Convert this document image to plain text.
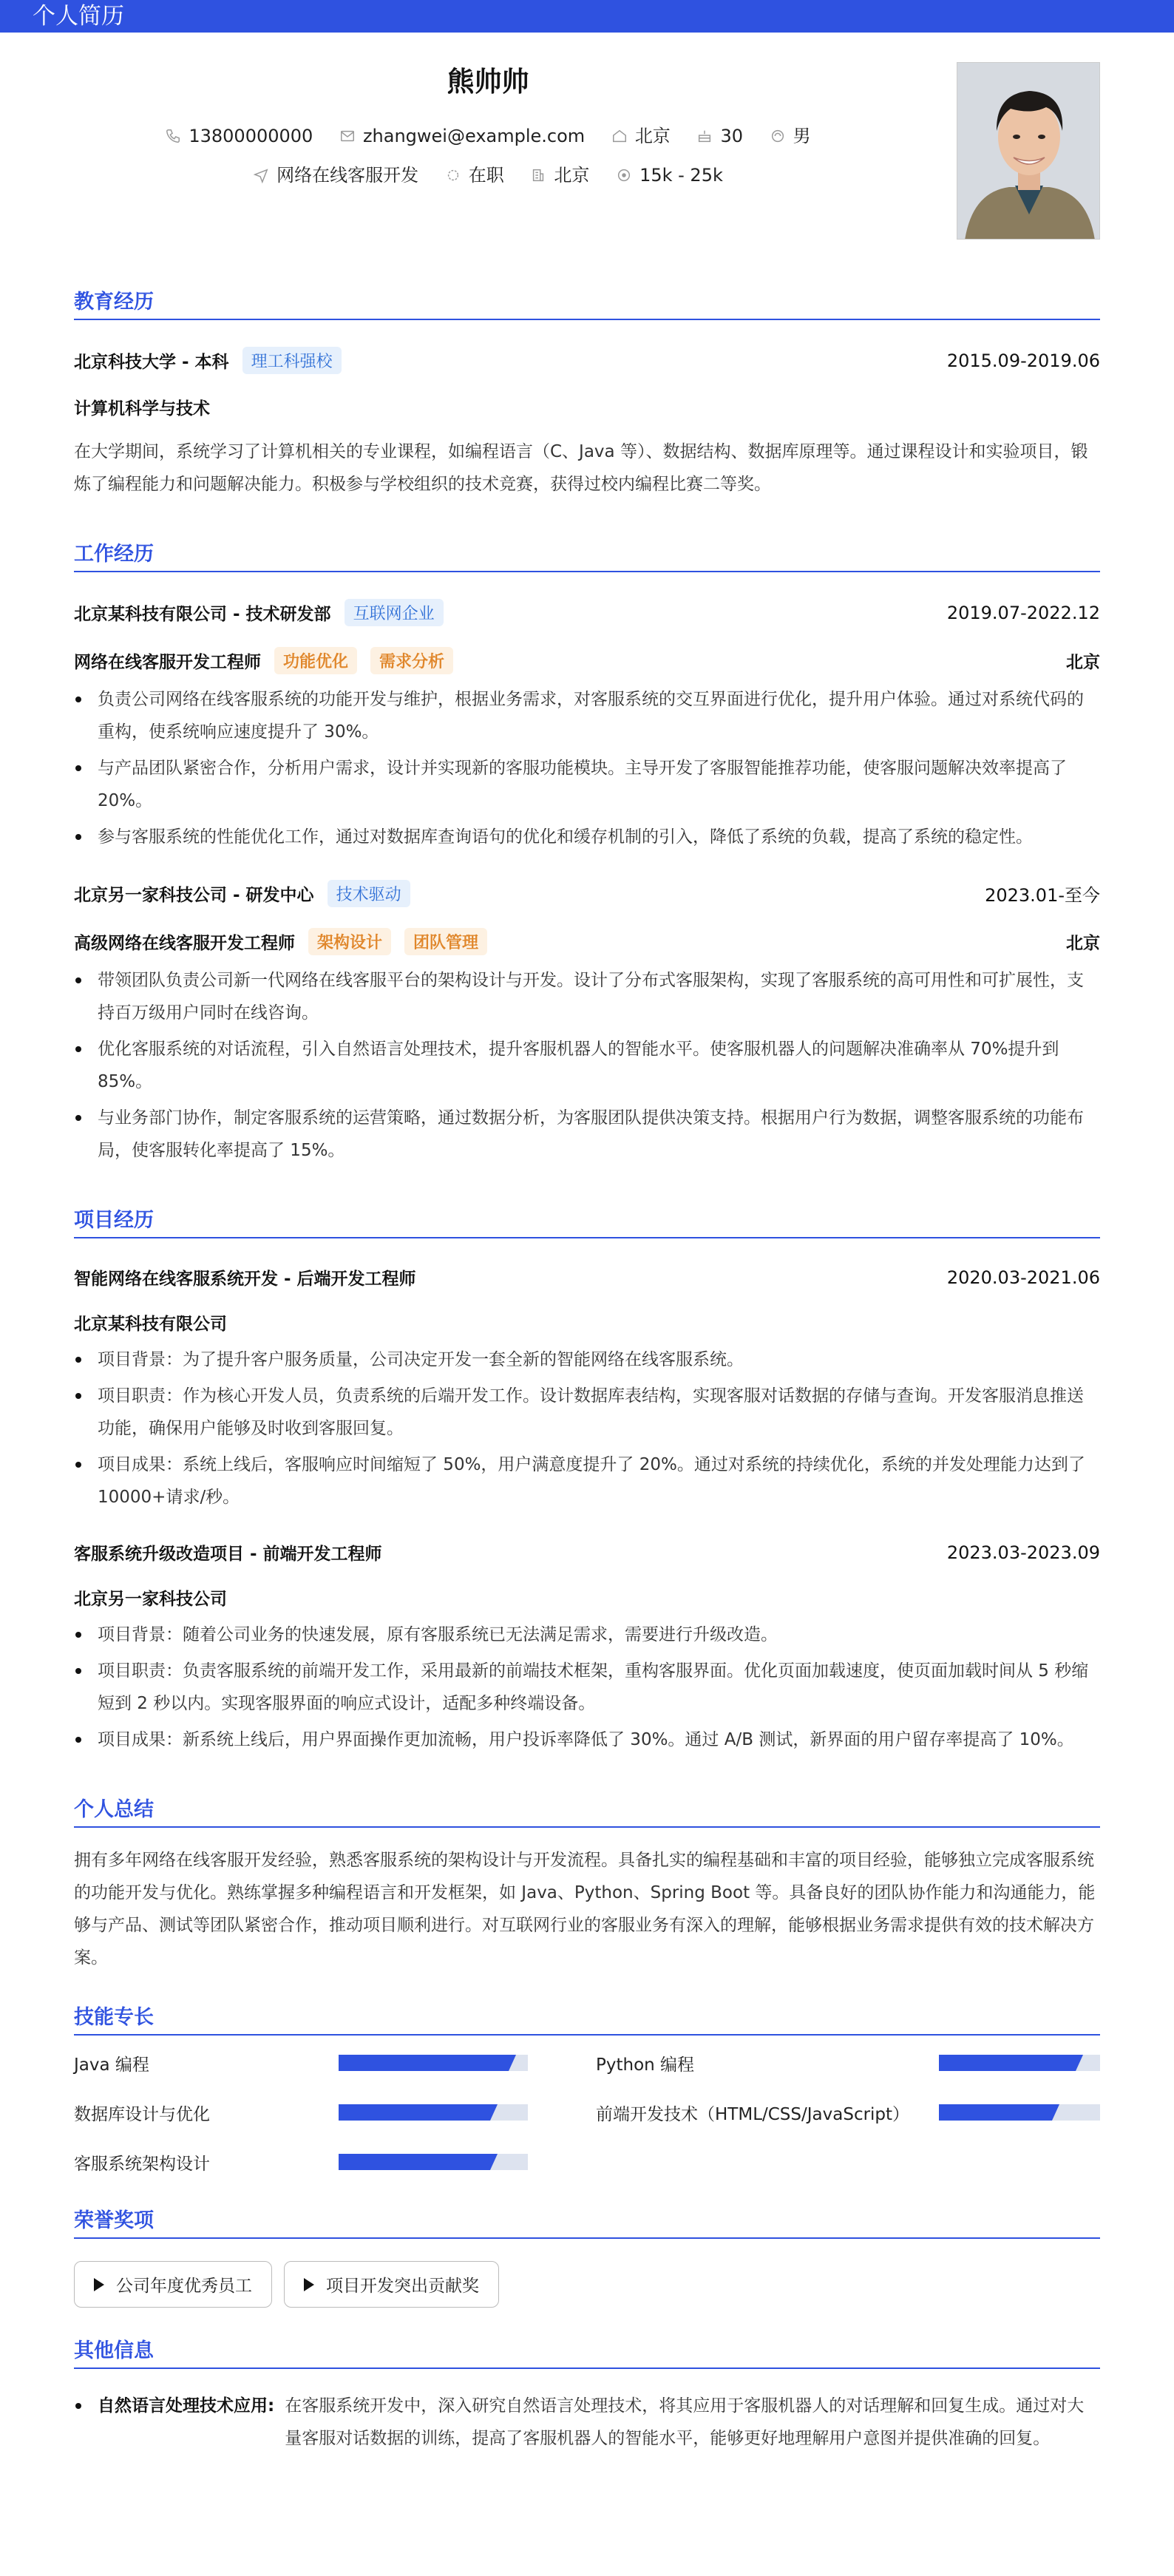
个人简历
熊帅帅
13800000000	zhangwei@example.com	北京	30	男
网络在线客服开发	在职	北京	15k - 25k
教育经历
北京科技大学 - 本科	理工科强校	2015.09-2019.06
计算机科学与技术
在大学期间，系统学习了计算机相关的专业课程，如编程语言（C、Java 等）、数据结构、数据库原理等。通过课程设计和实验项目，锻炼了编程能力和问题解决能力。积极参与学校组织的技术竞赛，获得过校内编程比赛二等奖。
工作经历
北京某科技有限公司 - 技术研发部	互联网企业	2019.07-2022.12
网络在线客服开发工程师	功能优化	需求分析	北京
负责公司网络在线客服系统的功能开发与维护，根据业务需求，对客服系统的交互界面进行优化，提升用户体验。通过对系统代码的重构，使系统响应速度提升了 30%。
与产品团队紧密合作，分析用户需求，设计并实现新的客服功能模块。主导开发了客服智能推荐功能，使客服问题解决效率提高了 20%。
参与客服系统的性能优化工作，通过对数据库查询语句的优化和缓存机制的引入，降低了系统的负载，提高了系统的稳定性。
北京另一家科技公司 - 研发中心	技术驱动	2023.01-至今
高级网络在线客服开发工程师	架构设计	团队管理	北京
带领团队负责公司新一代网络在线客服平台的架构设计与开发。设计了分布式客服架构，实现了客服系统的高可用性和可扩展性，支持百万级用户同时在线咨询。
优化客服系统的对话流程，引入自然语言处理技术，提升客服机器人的智能水平。使客服机器人的问题解决准确率从 70%提升到 85%。
与业务部门协作，制定客服系统的运营策略，通过数据分析，为客服团队提供决策支持。根据用户行为数据，调整客服系统的功能布局，使客服转化率提高了 15%。
项目经历
智能网络在线客服系统开发 - 后端开发工程师	2020.03-2021.06
北京某科技有限公司
项目背景：为了提升客户服务质量，公司决定开发一套全新的智能网络在线客服系统。
项目职责：作为核心开发人员，负责系统的后端开发工作。设计数据库表结构，实现客服对话数据的存储与查询。开发客服消息推送功能，确保用户能够及时收到客服回复。
项目成果：系统上线后，客服响应时间缩短了 50%，用户满意度提升了 20%。通过对系统的持续优化，系统的并发处理能力达到了 10000+请求/秒。
客服系统升级改造项目 - 前端开发工程师	2023.03-2023.09
北京另一家科技公司
项目背景：随着公司业务的快速发展，原有客服系统已无法满足需求，需要进行升级改造。
项目职责：负责客服系统的前端开发工作，采用最新的前端技术框架，重构客服界面。优化页面加载速度，使页面加载时间从 5 秒缩短到 2 秒以内。实现客服界面的响应式设计，适配多种终端设备。
项目成果：新系统上线后，用户界面操作更加流畅，用户投诉率降低了 30%。通过 A/B 测试，新界面的用户留存率提高了 10%。
个人总结
拥有多年网络在线客服开发经验，熟悉客服系统的架构设计与开发流程。具备扎实的编程基础和丰富的项目经验，能够独立完成客服系统的功能开发与优化。熟练掌握多种编程语言和开发框架，如 Java、Python、Spring Boot 等。具备良好的团队协作能力和沟通能力，能够与产品、测试等团队紧密合作，推动项目顺利进行。对互联网行业的客服业务有深入的理解，能够根据业务需求提供有效的技术解决方案。
技能专长
Java 编程	Python 编程
数据库设计与优化	前端开发技术（HTML/CSS/JavaScript）
客服系统架构设计
荣誉奖项
公司年度优秀员工	项目开发突出贡献奖
其他信息
自然语言处理技术应用: 在客服系统开发中，深入研究自然语言处理技术，将其应用于客服机器人的对话理解和回复生成。通过对大量客服对话数据的训练，提高了客服机器人的智能水平，能够更好地理解用户意图并提供准确的回复。
